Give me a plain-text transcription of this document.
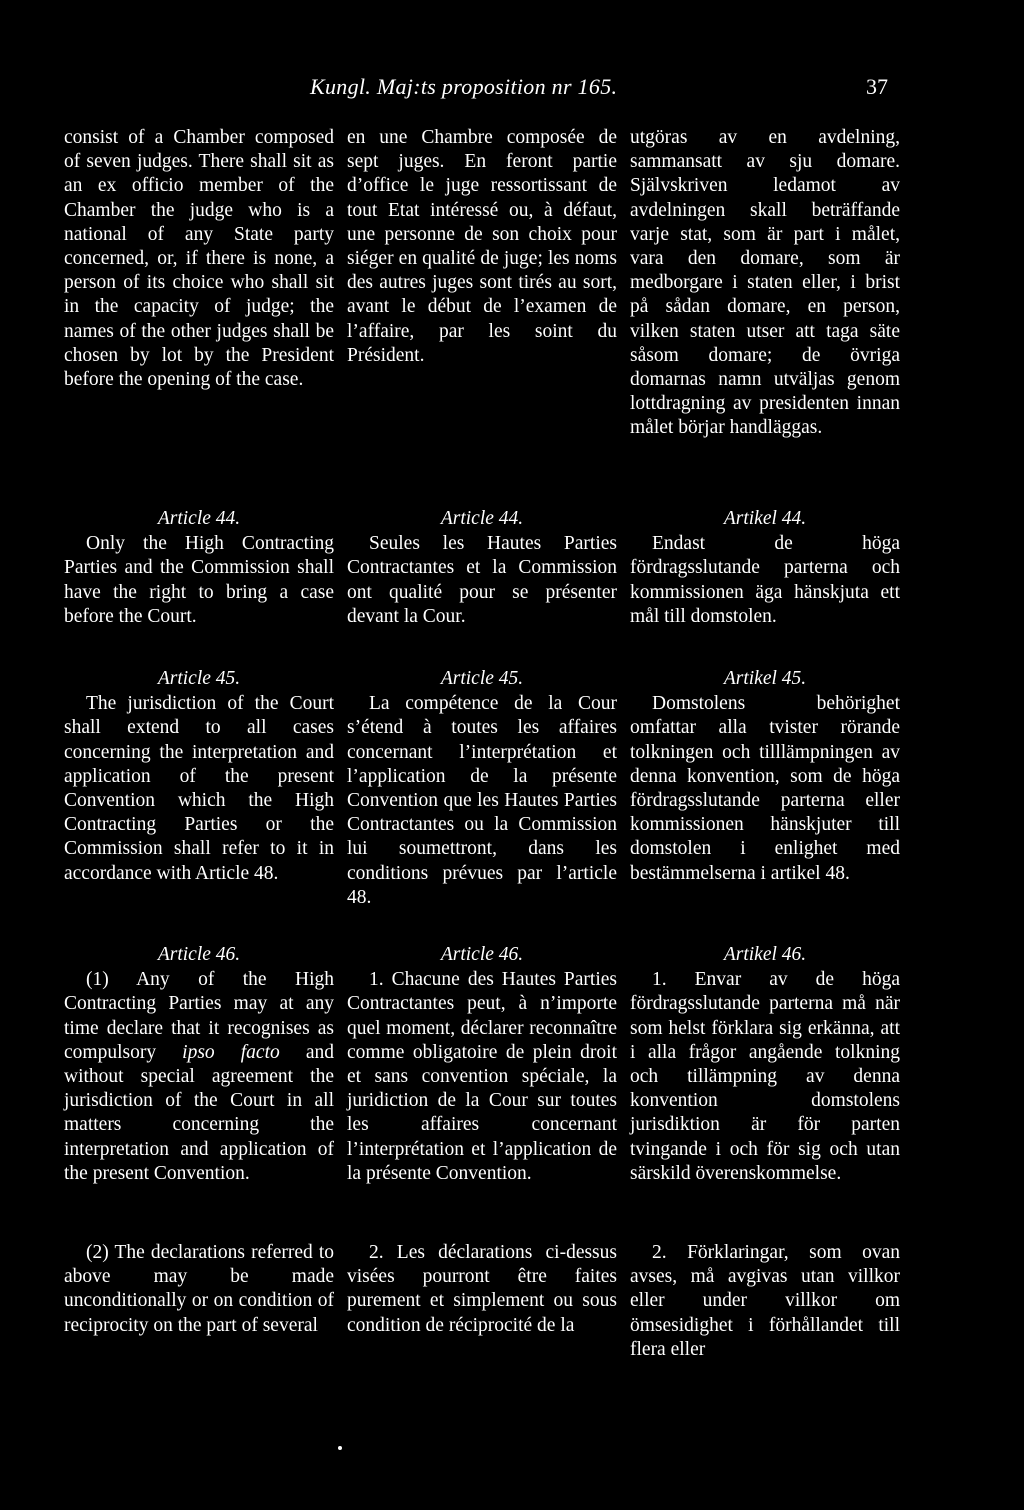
Kungl. Maj:ts proposition nr 165.	37
consist of a Chamber composed of seven judges. There shall sit as an ex officio member of the Chamber the judge who is a national of any State party concerned, or, if there is none, a person of its choice who shall sit in the capacity of judge; the names of the other judges shall be chosen by lot by the President before the opening of the case.
Article 44.
Only the High Contracting Parties and the Commission shall have the right to bring a case before the Court.
Article 45.
The jurisdiction of the Court shall extend to all cases concerning the interpretation and application of the present Convention which the High Contracting Parties or the Commission shall refer to it in accordance with Article 48.
Article 46.
(1) Any of the High Contracting Parties may at any time declare that it recognises as compulsory ipso facto and without special agreement the jurisdiction of the Court in all matters concerning the interpretation and application of the present Convention.
(2) The declarations referred to above may be made unconditionally or on condition of reciprocity on the part of several
en une Chambre composée de sept juges. En feront partie d’office le juge ressortissant de tout Etat intéressé ou, à défaut, une personne de son choix pour siéger en qualité de juge; les noms des autres juges sont tirés au sort, avant le début de l’examen de l’affaire, par les soint du Président.
Article 44.
Seules les Hautes Parties Contractantes et la Commission ont qualité pour se présenter devant la Cour.
Article 45.
La compétence de la Cour s’étend à toutes les affaires concernant l’interprétation et l’application de la présente Convention que les Hautes Parties Contractantes ou la Commission lui soumettront, dans les conditions prévues par l’article 48.
Article 46.
1. Chacune des Hautes Parties Contractantes peut, à n’importe quel moment, déclarer reconnaître comme obligatoire de plein droit et sans convention spéciale, la juridiction de la Cour sur toutes les affaires concernant l’interprétation et l’application de la présente Convention.
2. Les déclarations ci-dessus visées pourront être faites purement et simplement ou sous condition de réciprocité de la
utgöras av en avdelning, sammansatt av sju domare. Självskriven ledamot av avdelningen skall beträffande varje stat, som är part i målet, vara den domare, som är medborgare i staten eller, i brist på sådan domare, en person, vilken staten utser att taga säte såsom domare; de övriga domarnas namn utväljas genom lottdragning av presidenten innan målet börjar handläggas.
Artikel 44.
Endast de höga fördragsslutande parterna och kommissionen äga hänskjuta ett mål till domstolen.
Artikel 45.
Domstolens behörighet omfattar alla tvister rörande tolkningen och tilllämpningen av denna konvention, som de höga fördragsslutande parterna eller kommissionen hänskjuter till domstolen i enlighet med bestämmelserna i artikel 48.
Artikel 46.
1. Envar av de höga fördragsslutande parterna må när som helst förklara sig erkänna, att i alla frågor angående tolkning och tillämpning av denna konvention domstolens jurisdiktion är för parten tvingande i och för sig och utan särskild överenskommelse.
2. Förklaringar, som ovan avses, må avgivas utan villkor eller under villkor om ömsesidighet i förhållandet till flera eller
